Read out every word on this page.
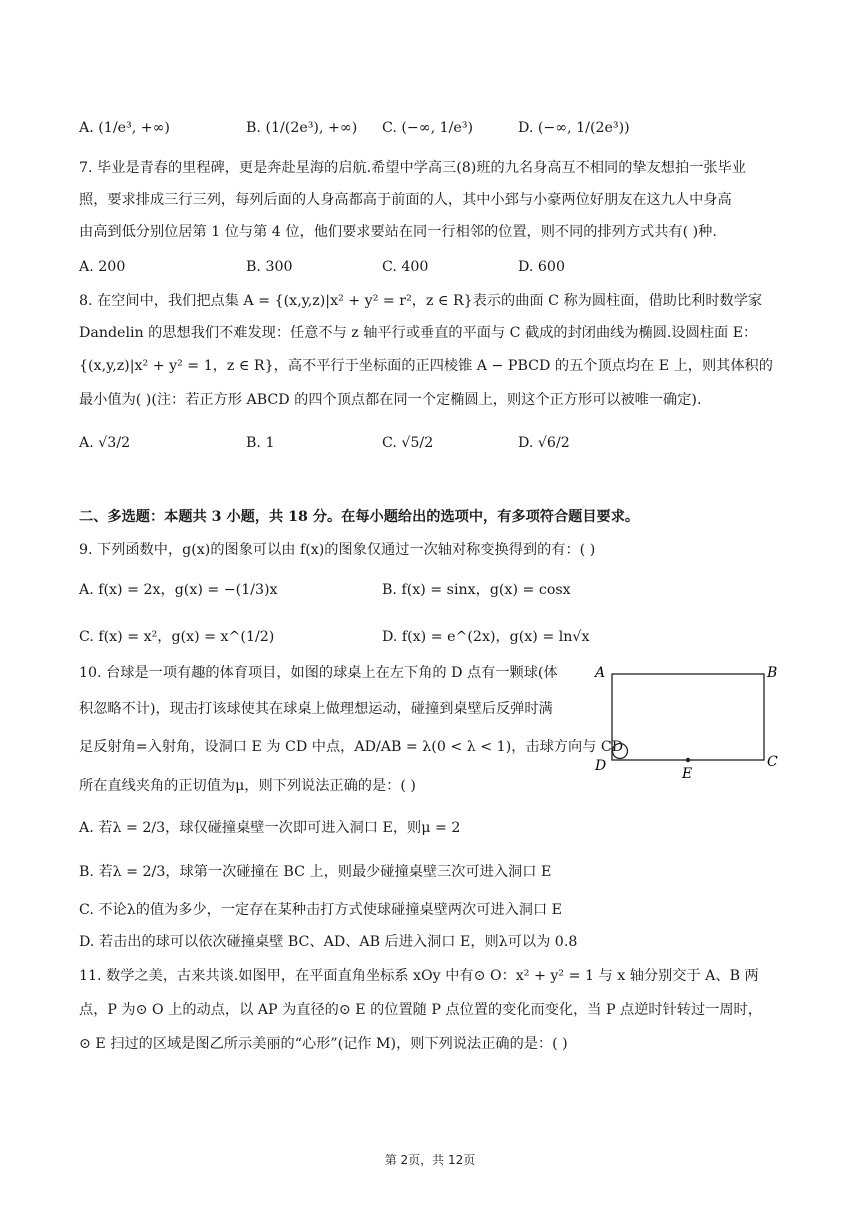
A. (1/e³, +∞)	B. (1/(2e³), +∞) C. (−∞, 1/e³)	D. (−∞, 1/(2e³))
7. 毕业是青春的里程碑，更是奔赴星海的启航.希望中学高三(8)班的九名身高互不相同的挚友想拍一张毕业
照，要求排成三行三列，每列后面的人身高都高于前面的人，其中小郅与小豪两位好朋友在这九人中身高
由高到低分别位居第 1 位与第 4 位，他们要求要站在同一行相邻的位置，则不同的排列方式共有( )种.
A. 200	B. 300	C. 400	D. 600
8. 在空间中，我们把点集 A = {(x,y,z)|x² + y² = r²，z ∈ R}表示的曲面 C 称为圆柱面，借助比利时数学家
Dandelin 的思想我们不难发现：任意不与 z 轴平行或垂直的平面与 C 截成的封闭曲线为椭圆.设圆柱面 E：
{(x,y,z)|x² + y² = 1，z ∈ R}，高不平行于坐标面的正四棱锥 A − PBCD 的五个顶点均在 E 上，则其体积的
最小值为( )(注：若正方形 ABCD 的四个顶点都在同一个定椭圆上，则这个正方形可以被唯一确定).
A. √3/2	B. 1	C. √5/2	D. √6/2
二、多选题：本题共 3 小题，共 18 分。在每小题给出的选项中，有多项符合题目要求。
9. 下列函数中，g(x)的图象可以由 f(x)的图象仅通过一次轴对称变换得到的有：( )
A. f(x) = 2x，g(x) = −(1/3)x	B. f(x) = sinx，g(x) = cosx
C. f(x) = x²，g(x) = x^(1/2)	D. f(x) = e^(2x)，g(x) = ln√x
10. 台球是一项有趣的体育项目，如图的球桌上在左下角的 D 点有一颗球(体
积忽略不计)，现击打该球使其在球桌上做理想运动，碰撞到桌壁后反弹时满
足反射角=入射角，设洞口 E 为 CD 中点，AD/AB = λ(0 < λ < 1)，击球方向与 CD
所在直线夹角的正切值为μ，则下列说法正确的是：( )
A	B
D	C
E
A. 若λ = 2/3，球仅碰撞桌壁一次即可进入洞口 E，则μ = 2
B. 若λ = 2/3，球第一次碰撞在 BC 上，则最少碰撞桌壁三次可进入洞口 E
C. 不论λ的值为多少，一定存在某种击打方式使球碰撞桌壁两次可进入洞口 E
D. 若击出的球可以依次碰撞桌壁 BC、AD、AB 后进入洞口 E，则λ可以为 0.8
11. 数学之美，古来共谈.如图甲，在平面直角坐标系 xOy 中有⊙ O：x² + y² = 1 与 x 轴分别交于 A、B 两
点，P 为⊙ O 上的动点，以 AP 为直径的⊙ E 的位置随 P 点位置的变化而变化，当 P 点逆时针转过一周时，
⊙ E 扫过的区域是图乙所示美丽的“心形”(记作 M)，则下列说法正确的是：( )
第 2页，共 12页
